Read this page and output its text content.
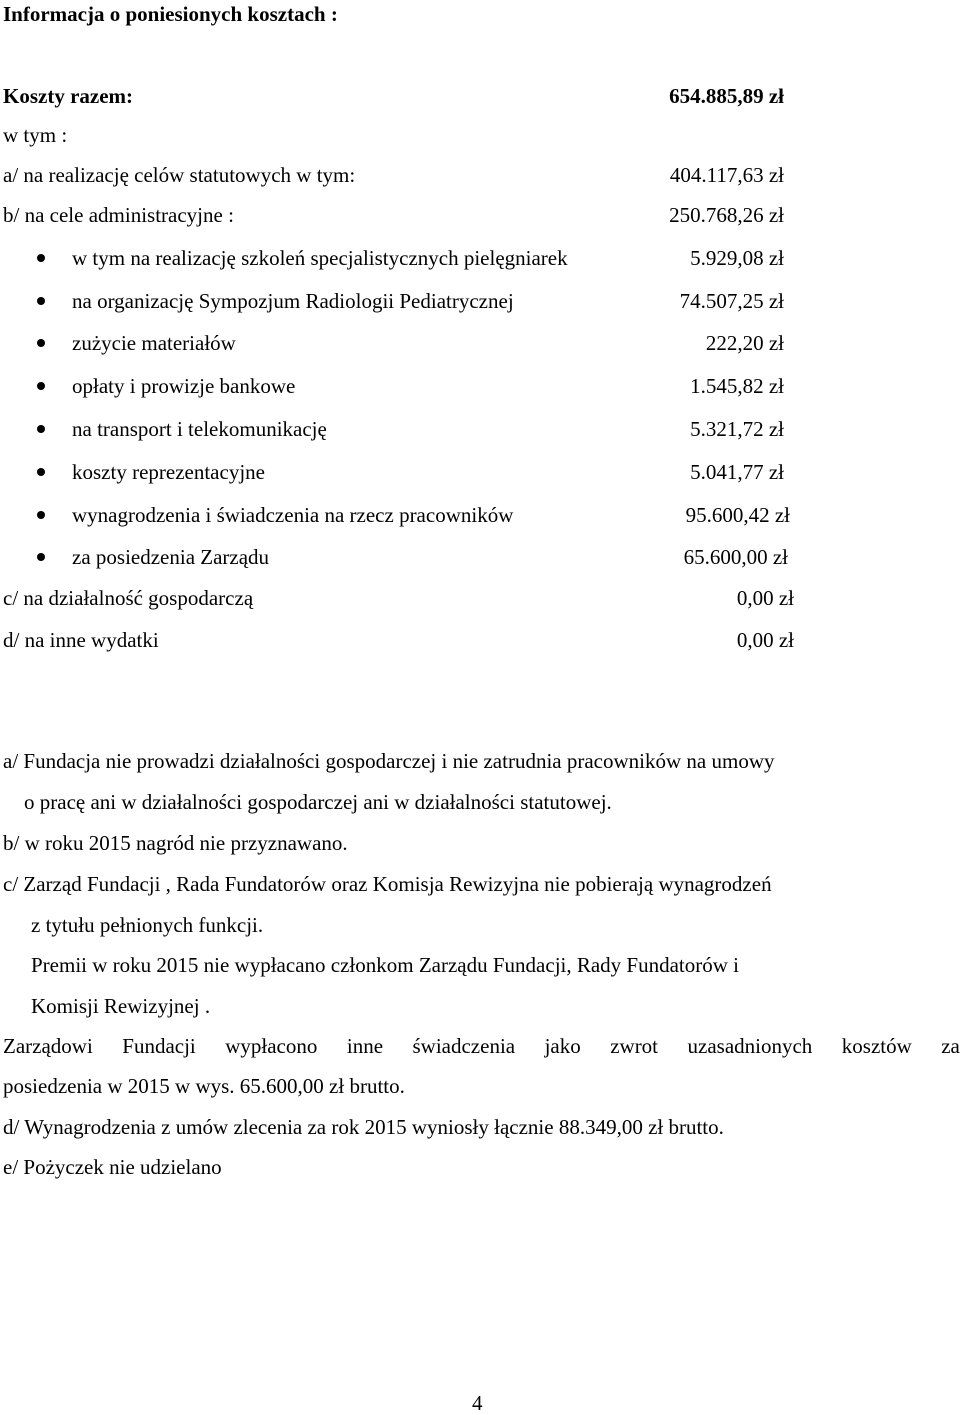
Informacja o poniesionych kosztach :
Koszty razem:	654.885,89 zł
w tym :
a/ na realizację celów statutowych w tym:	404.117,63 zł
b/ na cele administracyjne :	250.768,26 zł
w tym na realizację szkoleń specjalistycznych pielęgniarek	5.929,08 zł
na organizację Sympozjum Radiologii Pediatrycznej	74.507,25 zł
zużycie materiałów	222,20 zł
opłaty i prowizje bankowe	1.545,82 zł
na transport i telekomunikację	5.321,72 zł
koszty reprezentacyjne	5.041,77 zł
wynagrodzenia i świadczenia na rzecz pracowników	95.600,42 zł
za posiedzenia Zarządu	65.600,00 zł
c/ na działalność gospodarczą	0,00 zł
d/ na inne wydatki	0,00 zł
a/ Fundacja nie prowadzi działalności gospodarczej i nie zatrudnia pracowników na umowy
o pracę ani w działalności gospodarczej ani w działalności statutowej.
b/ w roku 2015 nagród nie przyznawano.
c/ Zarząd Fundacji , Rada Fundatorów oraz Komisja Rewizyjna nie pobierają wynagrodzeń
z tytułu pełnionych funkcji.
Premii w roku 2015 nie wypłacano członkom Zarządu Fundacji, Rady Fundatorów i
Komisji Rewizyjnej .
Zarządowi Fundacji wypłacono inne świadczenia jako zwrot uzasadnionych kosztów za
posiedzenia w 2015 w wys. 65.600,00 zł brutto.
d/ Wynagrodzenia z umów zlecenia za rok 2015 wyniosły łącznie 88.349,00 zł brutto.
e/ Pożyczek nie udzielano
4
